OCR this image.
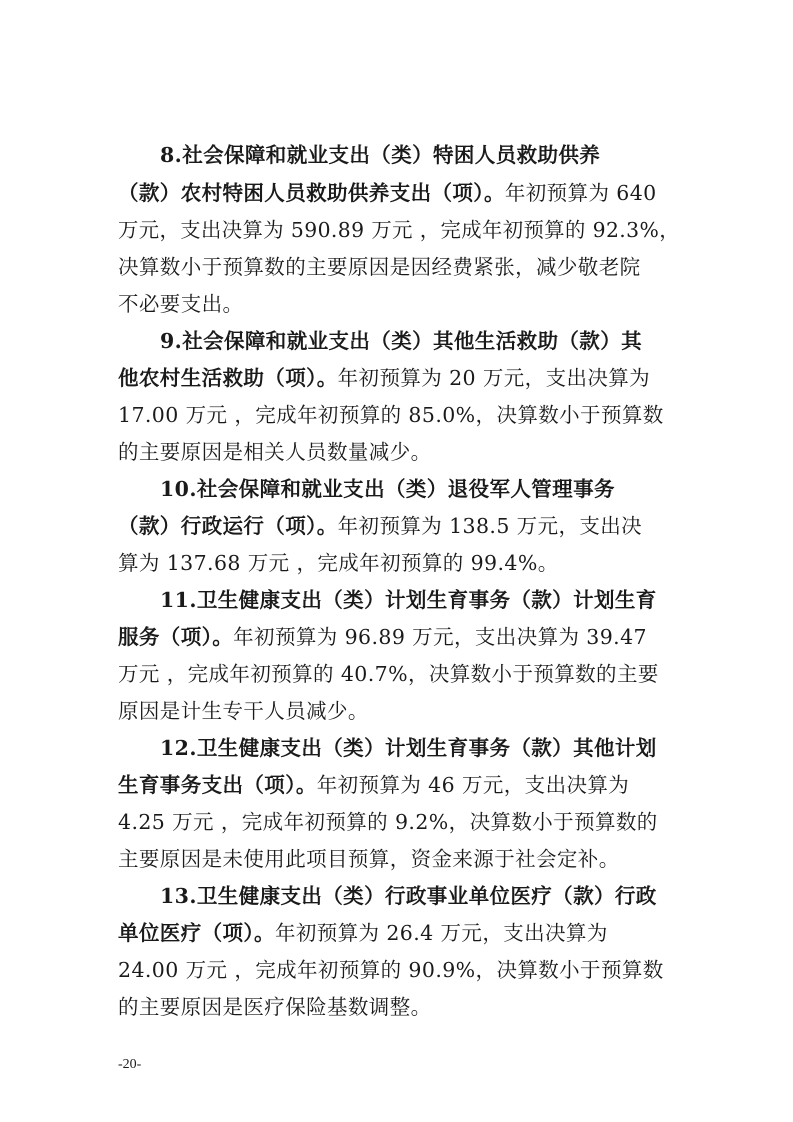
8.社会保障和就业支出（类）特困人员救助供养
（款）农村特困人员救助供养支出（项）。年初预算为 640
万元，支出决算为 590.89 万元 ，完成年初预算的 92.3%，
决算数小于预算数的主要原因是因经费紧张，减少敬老院
不必要支出。
9.社会保障和就业支出（类）其他生活救助（款）其
他农村生活救助（项）。年初预算为 20 万元，支出决算为
17.00 万元 ，完成年初预算的 85.0%，决算数小于预算数
的主要原因是相关人员数量减少。
10.社会保障和就业支出（类）退役军人管理事务
（款）行政运行（项）。年初预算为 138.5 万元，支出决
算为 137.68 万元 ，完成年初预算的 99.4%。
11.卫生健康支出（类）计划生育事务（款）计划生育
服务（项）。年初预算为 96.89 万元，支出决算为 39.47
万元 ，完成年初预算的 40.7%，决算数小于预算数的主要
原因是计生专干人员减少。
12.卫生健康支出（类）计划生育事务（款）其他计划
生育事务支出（项）。年初预算为 46 万元，支出决算为
4.25 万元 ，完成年初预算的 9.2%，决算数小于预算数的
主要原因是未使用此项目预算，资金来源于社会定补。
13.卫生健康支出（类）行政事业单位医疗（款）行政
单位医疗（项）。年初预算为 26.4 万元，支出决算为
24.00 万元 ，完成年初预算的 90.9%，决算数小于预算数
的主要原因是医疗保险基数调整。
-20-
